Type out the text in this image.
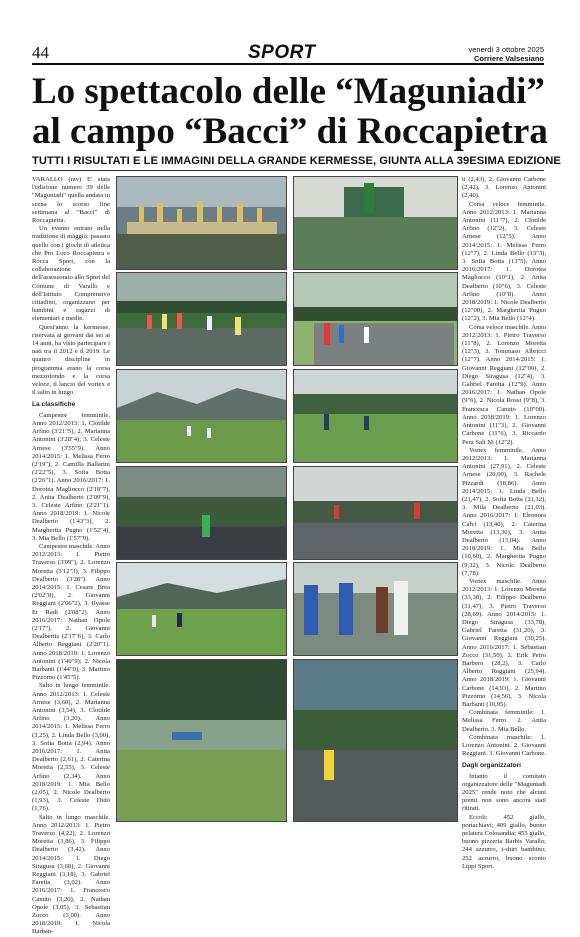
44	SPORT	venerdì 3 ottobre 2025
Corriere Valsesiano
Lo spettacolo delle “Maguniadi”
al campo “Bacci” di Roccapietra
TUTTI I RISULTATI E LE IMMAGINI DELLA GRANDE KERMESSE, GIUNTA ALLA 39ESIMA EDIZIONE

VARALLO (rav) E' stata l'edizione numero 39 delle "Maguniadi" quella andata in scena lo scorso fine settimana al "Bacci" di Roccapietra.

Un evento entrato nella tradizione di maggio: passato quello con i giochi di atletica che Pro Loco Roccapietra e Rocca Sport, con la collaborazione dell'assessorato allo Sport del Comune di Varallo e dell'Istituto Comprensivo cittadino, organizzano per bambini e ragazzi di elementari e medie.

Quest'anno la kermesse, riservata ai giovani dai sei ai 14 anni, ha visto partecipare i nati tra il 2012 e il 2019. Le quattro discipline in programma erano la corsa mezzofondo e la corsa veloce, il lancio del vortex e il salto in lungo.

La classifiche

Campestre femminile. Anno 2012/2013: 1. Clotilde Arfino (3'21"5), 2. Marianna Antonini (3'28"4); 3. Celeste Arnese (3'55"9). Anno 2014/2015: 1. Melissa Ferro (2'19"), 2. Camilla Ballarini (2'22"5), 3. Sofia Botta (2'26"1). Anno 2016/2017: 1. Dorotea Magliocco (2'18"7), 2. Anita Dealberto (2'09"9), 3. Celeste Arfino (2'21"1). Anno 2018/2019: 1. Nicole Dealberto (1'43"3), 2. Margherita Pugno (1'52"4), 3. Mia Bello (1'57"9).

Campestre maschile. Anno 2012/2013: 1. Pietro Traverso (3'09"), 2. Lorenzo Moretta (3'12"3), 3. Filippo Dealberto (3'28"). Anno 2014/2015: 1. Cesare Brea (2'02"8), 2. Giovanni Reggiani (2'06"2), 3. Ilyasse Er Radi (2'08"2). Anno 2016/2017: Nathan Opole (2'17"), 2. Giovanni Dealbertis (2'17"6), 3. Carlo Alberto Reggiani (2'20"1). Anno 2018/2019: 1. Lorenzo Antonini (1'40"9); 2. Nicola Barbanti (1'44"0), 3. Martino Pizzorno (1'45"5).

Salto in lungo femminile. Anno 2012/2013: 1. Celeste Arnese (3,60), 2. Marianna Antonini (3,54), 3. Clotilde Arfino (3,20). Anno 2014/2015: 1. Melissa Ferro (3,25), 2. Linda Bello (3,00), 3. Sofia Botta (2,94). Anno 2016/2017: 1. Anita Dealberto (2,61), 2. Caterina Moretta (2,55), 3. Celeste Arfino (2,34). Anno 2018/2019: 1. Mia Bello (2,05), 2. Nicole Dealberto (1,93), 3. Celeste Didò (1,76).

Salto in lungo maschile. Anno 2012/2013: 1. Pietro Traverso (4,22), 2. Lorenzo Moretta (3,86), 3. Filippo Dealberto (3,42). Anno 2014/2015: 1. Diego Siragusa (3,68), 2. Giovanni Reggiani (3,18), 3. Gabriel Faretta (3,02). Anno 2016/2017: 1. Francesco Canuto (3,20), 2. Nathan Opole (3,05), 3. Sebastian Zocco (3,00). Anno 2018/2019: 1. Nicola Barban-

ti (2,43), 2. Giovanni Carbone (2,42), 3. Lorenzo Antonini (2,40).

Corsa veloce femminile. Anno 2012/2013: 1. Marianna Antonini (11"7), 2. Clotilde Arfino (12"2), 3. Celeste Arnese (12"5). Anno 2014/2015: 1. Melissa Ferro (12"7), 2. Linda Bello (13"3), 3. Sofia Botta (13"5). Anno 2016/2017: 1. Dorotea Magliocco (10"1), 2. Anita Dealberto (10"6), 3. Celeste Arfino (10"8). Anno 2018/2019: 1. Nicole Dealberto (12"00), 2. Margherita Pugno (12"2), 3. Mia Bello (12"4).

Corsa veloce maschile. Anno 2012/2013: 1. Pietro Traverso (11"8), 2. Lorenzo Moretta (12"3), 3. Tommaso Albricci (12"7). Anno 2014/2015: 1. Giovanni Reggiani (12"00), 2. Diego Siragusa (12"4), 3. Gabriel Faretta (12"9). Anno 2016/2017: 1. Nathan Opole (9"6), 2. Nicola Rossi (9"8), 3. Francesca Canuto (10"00). Anno 2018/2019: 1. Lorenzo Antonini (11"3), 2. Giovanni Carbone (11"6), 3. Riccardo Pera Sali Ni (12"2).

Vortex femminile. Anno 2012/2013: 1. Marianna Antonini (27,91), 2. Celeste Arnese (20,00), 3. Rachele Pizzardi (18,86). Anno 2014/2015: 1. Linda Bello (21,47), 2. Sofia Botta (21,12), 3. Mila Dealberto (21,03). Anno 2016/2017: 1. Eleonora Calvi (13,40), 2. Caterina Moretta (13,36), 3. Anita Dealberto (13,04). Anno 2018/2019: 1. Mia Bello (10,60), 2. Margherita Pugno (9,32), 3. Nicole Dealberto (7,78).

Vortex maschile. Anno 2012/2013: 1. Lorenzo Moretta (33,38), 2. Filippo Dealberto (31,47), 3. Pietro Traverso (28,69). Anno 2014/2015: 1. Diego Siragusa (33,78), Gabriel Faretta (31,20), 3. Giovanni Reggiani (30,25). Anno 2016/2017: 1. Sebastian Zocco (31,50), 2. Erik Petro Barbero (28,2), 3. Carlo Alberto Reggiani (25,94). Anno 2018/2019: 1. Giovanni Carbone (14,93), 2. Martino Pizzorno (14,56), 3. Nicola Barbanti (10,95).

Combinata femminile: 1. Melissa Ferro. 2. Anita Dealberto. 3. Mia Bello.

Combinata maschile: 1. Lorenzo Antonini. 2. Giovanni Reggiani. 3. Giovanni Carbone.

Dagli organizzatori

Intanto il comitato organizzatore delle "Maguniadi 2025" rende noto che alcuni premi non sono ancora stati ritirati.

Eccoli: 452 giallo, portachiavi; 409 giallo, buono pelatera Colosandia; 455 giallo, buono pizzeria Barbis Varallo; 244 azzurro, t-shirt bambino; 252 azzurro, buono sconto Lippi Sport.
